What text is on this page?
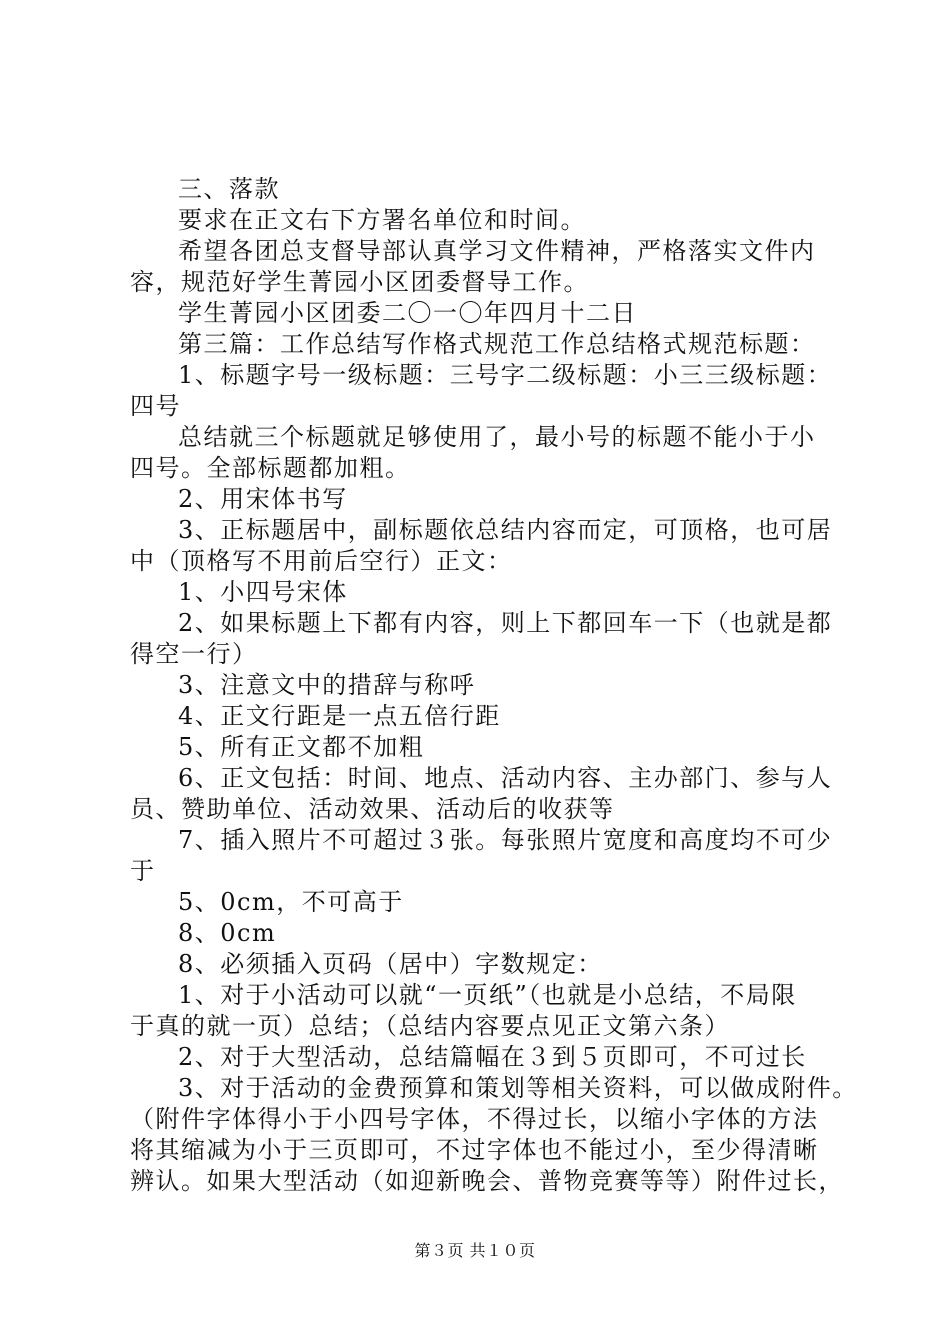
三、落款
要求在正文右下方署名单位和时间。
希望各团总支督导部认真学习文件精神，严格落实文件内
容，规范好学生菁园小区团委督导工作。
学生菁园小区团委二〇一〇年四月十二日
第三篇：工作总结写作格式规范工作总结格式规范标题：
1、标题字号一级标题：三号字二级标题：小三三级标题：
四号
总结就三个标题就足够使用了，最小号的标题不能小于小
四号。全部标题都加粗。
2、用宋体书写
3、正标题居中，副标题依总结内容而定，可顶格，也可居
中（顶格写不用前后空行）正文：
1、小四号宋体
2、如果标题上下都有内容，则上下都回车一下（也就是都
得空一行）
3、注意文中的措辞与称呼
4、正文行距是一点五倍行距
5、所有正文都不加粗
6、正文包括：时间、地点、活动内容、主办部门、参与人
员、赞助单位、活动效果、活动后的收获等
7、插入照片不可超过３张。每张照片宽度和高度均不可少
于
5、0cm，不可高于
8、0cm
8、必须插入页码（居中）字数规定：
1、对于小活动可以就“一页纸”（也就是小总结，不局限
于真的就一页）总结；（总结内容要点见正文第六条）
2、对于大型活动，总结篇幅在３到５页即可，不可过长
3、对于活动的金费预算和策划等相关资料，可以做成附件。
（附件字体得小于小四号字体，不得过长，以缩小字体的方法
将其缩减为小于三页即可，不过字体也不能过小，至少得清晰
辨认。如果大型活动（如迎新晚会、普物竞赛等等）附件过长，
第３页 共１０页
